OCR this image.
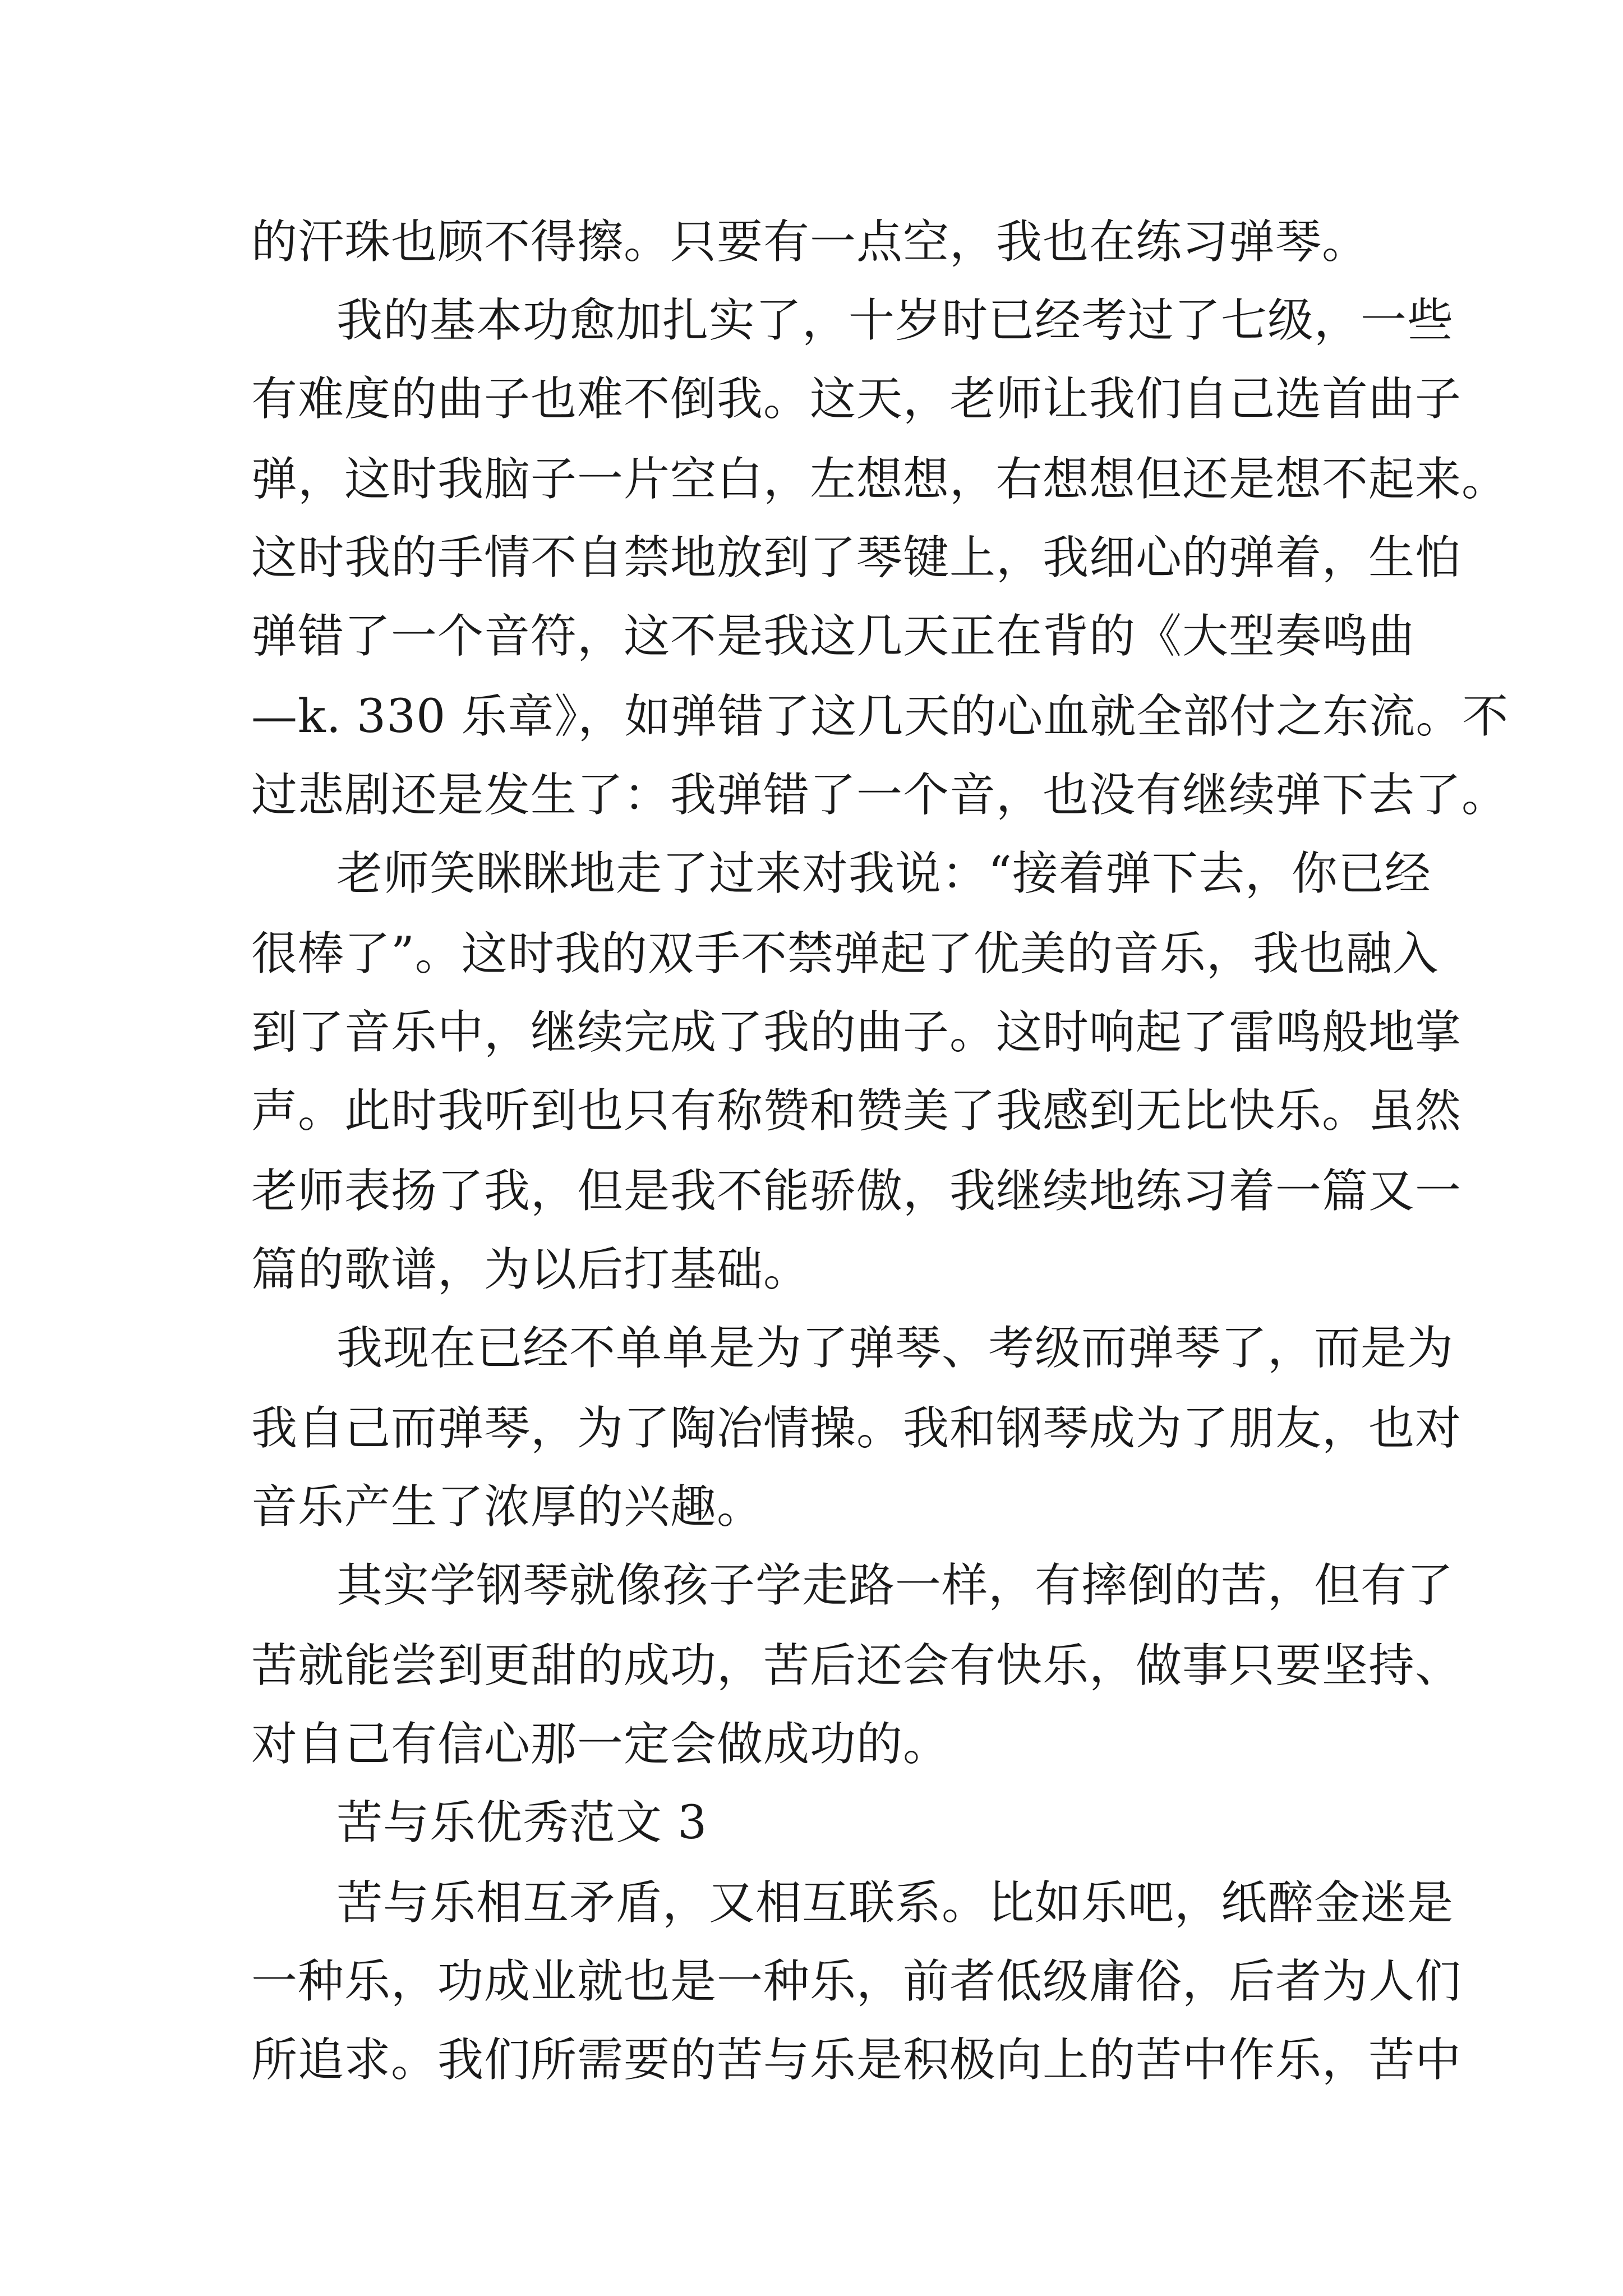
的汗珠也顾不得擦。只要有一点空，我也在练习弹琴。
我的基本功愈加扎实了，十岁时已经考过了七级，一些
有难度的曲子也难不倒我。这天，老师让我们自己选首曲子
弹，这时我脑子一片空白，左想想，右想想但还是想不起来。
这时我的手情不自禁地放到了琴键上，我细心的弹着，生怕
弹错了一个音符，这不是我这几天正在背的《大型奏鸣曲
—k. 330 乐章》，如弹错了这几天的心血就全部付之东流。不
过悲剧还是发生了：我弹错了一个音，也没有继续弹下去了。
老师笑眯眯地走了过来对我说：“接着弹下去，你已经
很棒了”。这时我的双手不禁弹起了优美的音乐，我也融入
到了音乐中，继续完成了我的曲子。这时响起了雷鸣般地掌
声。此时我听到也只有称赞和赞美了我感到无比快乐。虽然
老师表扬了我，但是我不能骄傲，我继续地练习着一篇又一
篇的歌谱，为以后打基础。
我现在已经不单单是为了弹琴、考级而弹琴了，而是为
我自己而弹琴，为了陶冶情操。我和钢琴成为了朋友，也对
音乐产生了浓厚的兴趣。
其实学钢琴就像孩子学走路一样，有摔倒的苦，但有了
苦就能尝到更甜的成功，苦后还会有快乐，做事只要坚持、
对自己有信心那一定会做成功的。
苦与乐优秀范文 3
苦与乐相互矛盾，又相互联系。比如乐吧，纸醉金迷是
一种乐，功成业就也是一种乐，前者低级庸俗，后者为人们
所追求。我们所需要的苦与乐是积极向上的苦中作乐，苦中
